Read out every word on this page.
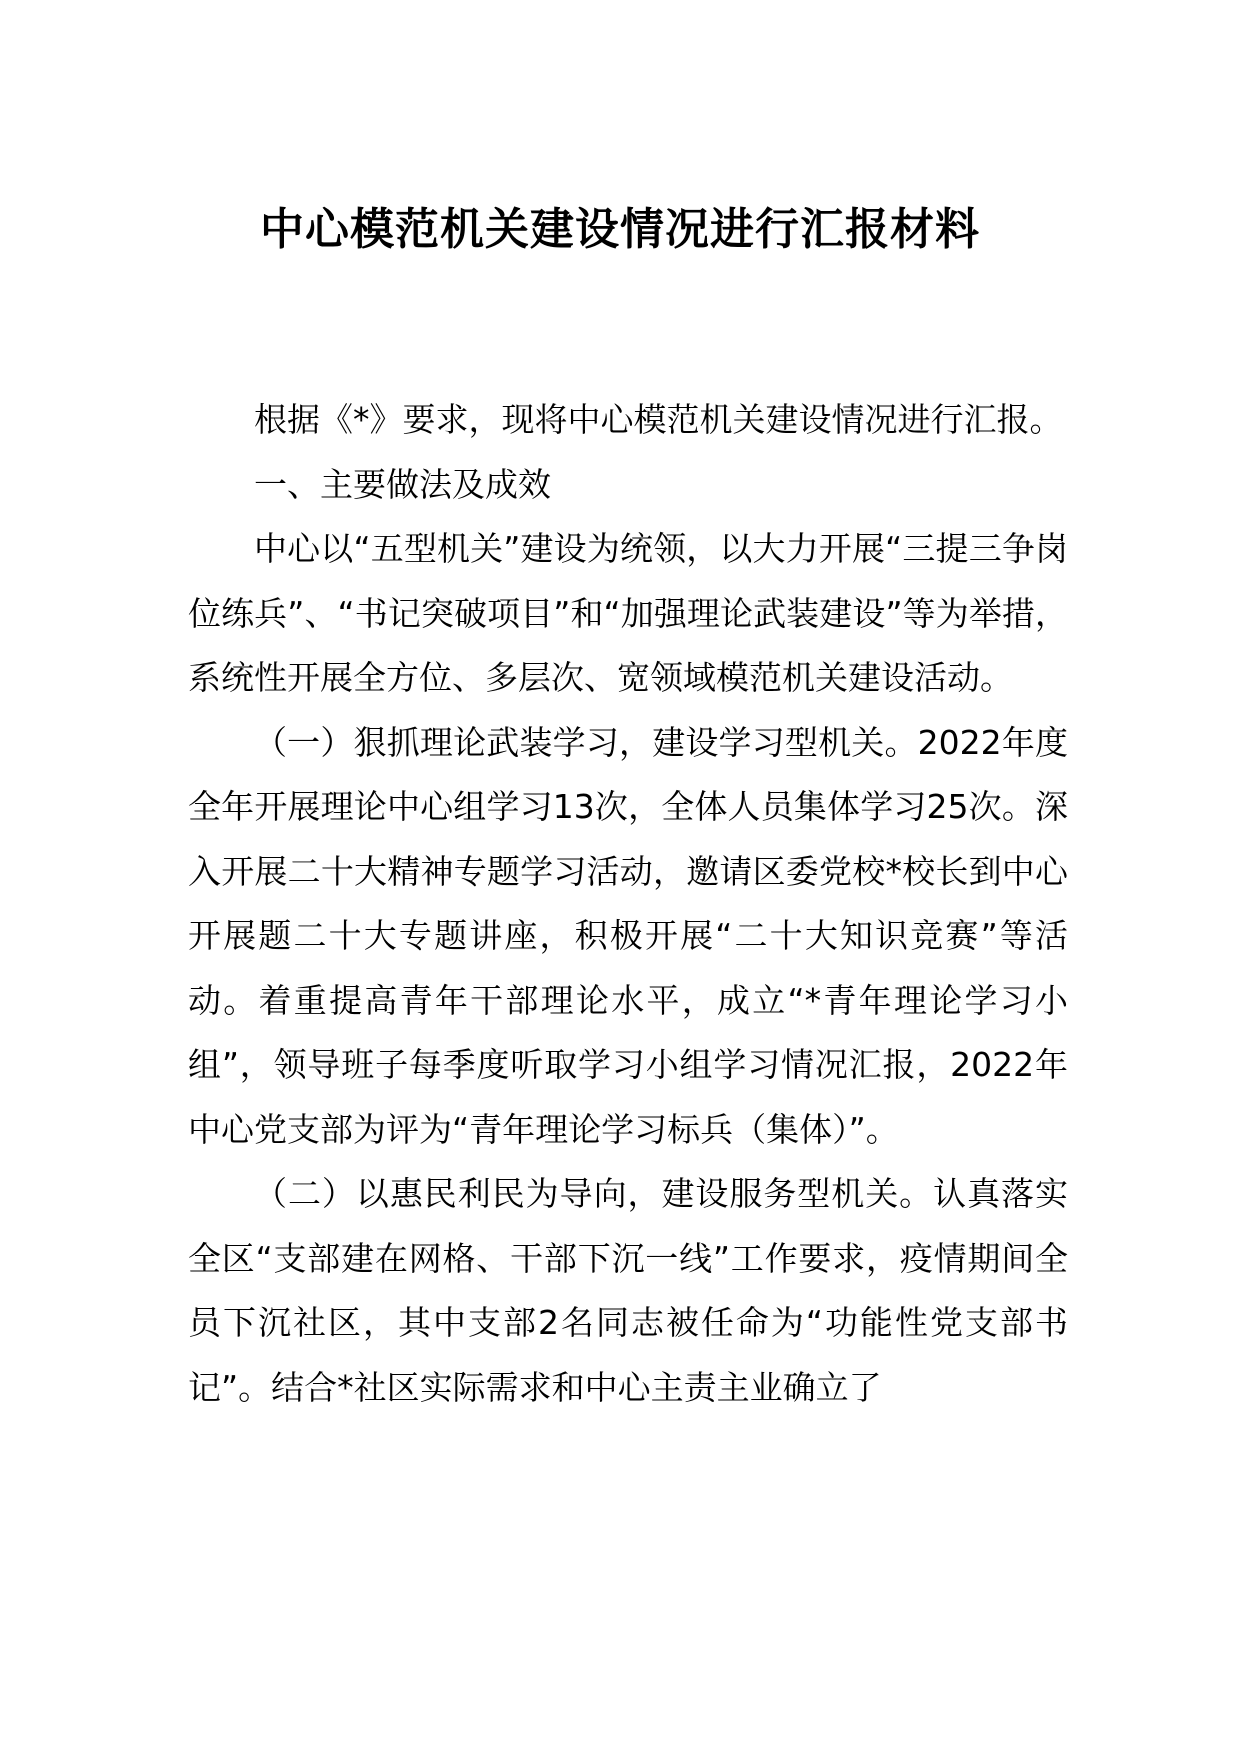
中心模范机关建设情况进行汇报材料

根据《*》要求，现将中心模范机关建设情况进行汇报。

一、主要做法及成效

中心以“五型机关”建设为统领，以大力开展“三提三争岗位练兵”、“书记突破项目”和“加强理论武装建设”等为举措，系统性开展全方位、多层次、宽领域模范机关建设活动。

（一）狠抓理论武装学习，建设学习型机关。2022年度全年开展理论中心组学习13次，全体人员集体学习25次。深入开展二十大精神专题学习活动，邀请区委党校*校长到中心开展题二十大专题讲座，积极开展“二十大知识竞赛”等活动。着重提高青年干部理论水平，成立“*青年理论学习小组”，领导班子每季度听取学习小组学习情况汇报，2022年中心党支部为评为“青年理论学习标兵（集体）”。

（二）以惠民利民为导向，建设服务型机关。认真落实全区“支部建在网格、干部下沉一线”工作要求，疫情期间全员下沉社区，其中支部2名同志被任命为“功能性党支部书记”。结合*社区实际需求和中心主责主业确立了
